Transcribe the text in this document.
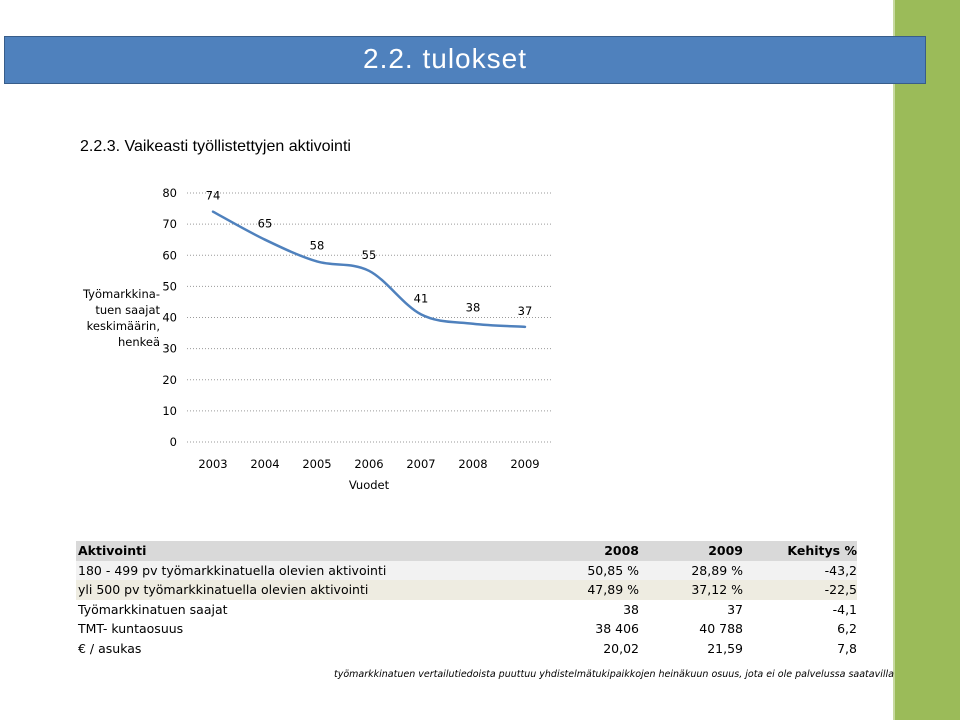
2.2. tulokset
2.2.3. Vaikeasti työllistettyjen aktivointi
0
10
20
30
40
50
60
70
80
2003 2004 2005 2006 2007 2008 2009
Vuodet
74
65
58
55
41
38	37
Työmarkkina-
tuen saajat
keskimäärin,
henkeä
Aktivointi	2008	2009	Kehitys %
180 - 499 pv työmarkkinatuella olevien aktivointi	50,85 %	28,89 %	-43,2
yli 500 pv työmarkkinatuella olevien aktivointi	47,89 %	37,12 %	-22,5
Työmarkkinatuen saajat	38	37	-4,1
TMT- kuntaosuus	38 406	40 788	6,2
€ / asukas	20,02	21,59	7,8
työmarkkinatuen vertailutiedoista puuttuu yhdistelmätukipaikkojen heinäkuun osuus, jota ei ole palvelussa saatavilla
